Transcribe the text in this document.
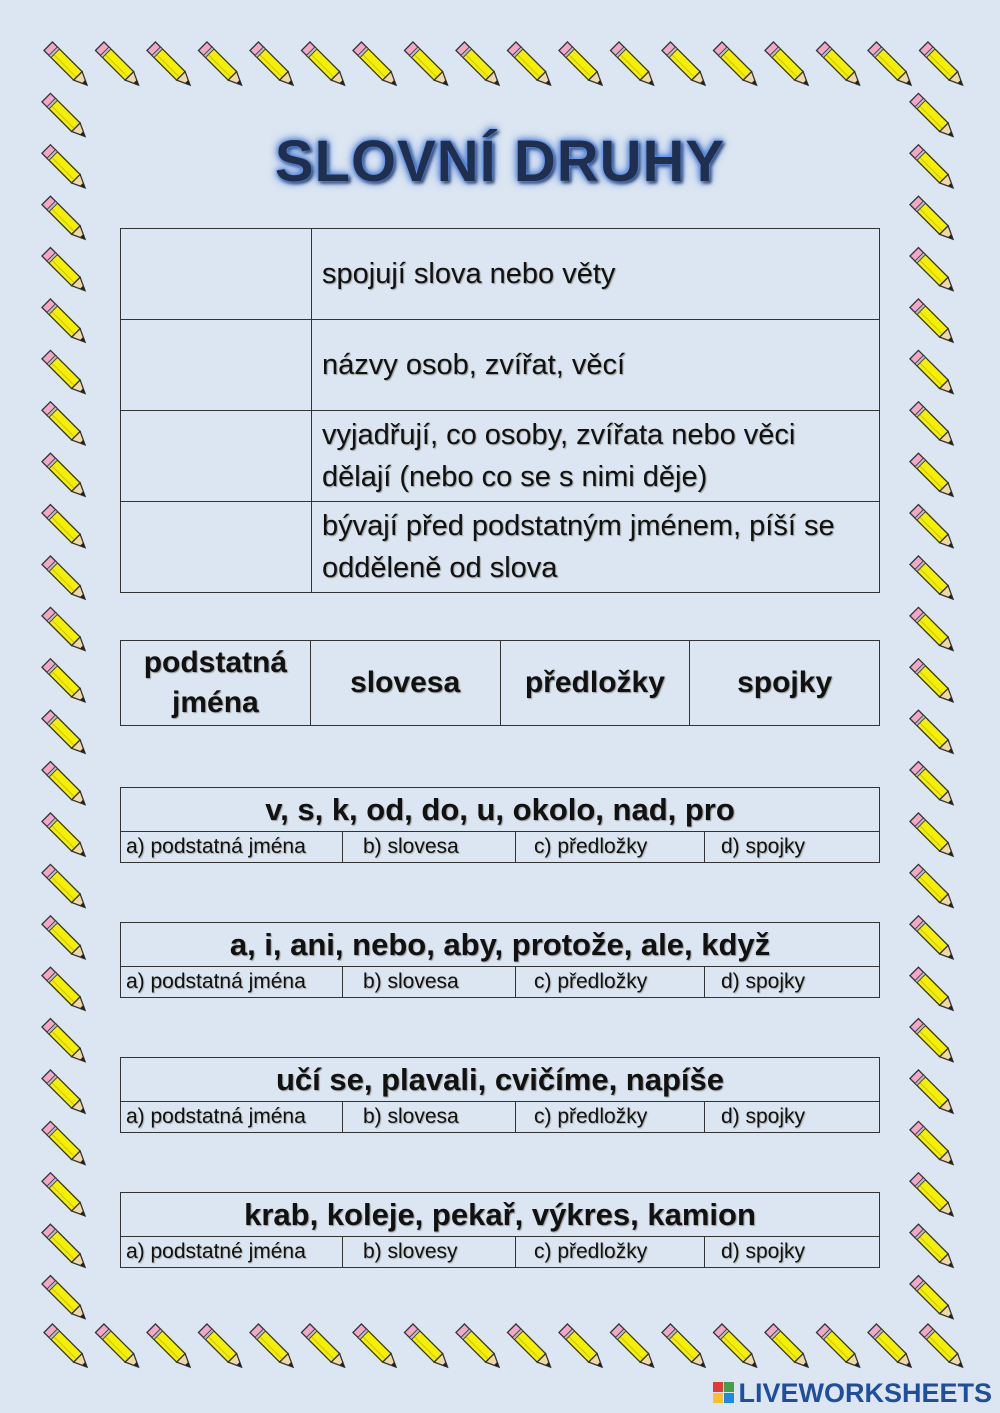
SLOVNÍ DRUHY
	spojují slova nebo věty
	názvy osob, zvířat, věcí
	vyjadřují, co osoby, zvířata nebo věci dělají (nebo co se s nimi děje)
	bývají před podstatným jménem, píší se odděleně od slova
podstatná jména	slovesa	předložky	spojky
v, s, k, od, do, u, okolo, nad, pro
a) podstatná jména	b) slovesa	c) předložky	d) spojky
a, i, ani, nebo, aby, protože, ale, když
a) podstatná jména	b) slovesa	c) předložky	d) spojky
učí se, plavali, cvičíme, napíše
a) podstatná jména	b) slovesa	c) předložky	d) spojky
krab, koleje, pekař, výkres, kamion
a) podstatné jména	b) slovesy	c) předložky	d) spojky
LIVEWORKSHEETS
